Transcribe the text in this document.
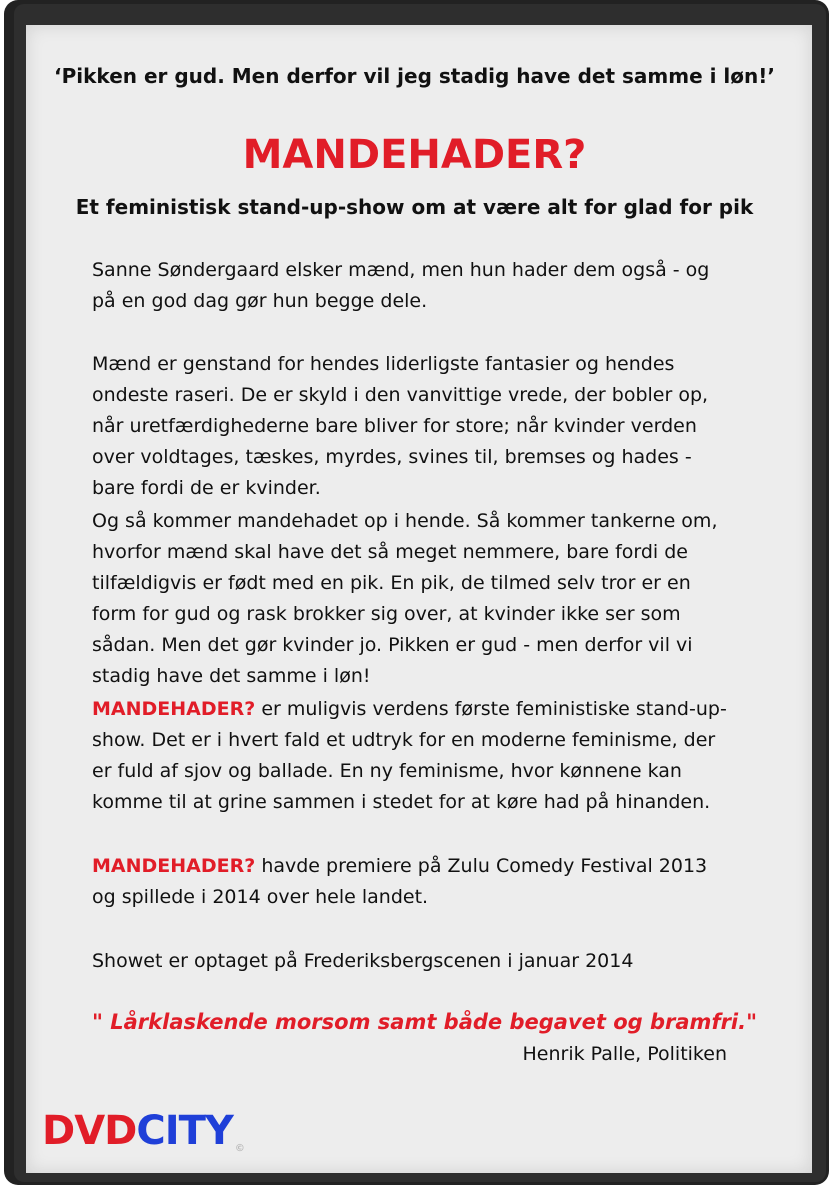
‘Pikken er gud. Men derfor vil jeg stadig have det samme i løn!’
MANDEHADER?
Et feministisk stand-up-show om at være alt for glad for pik
Sanne Søndergaard elsker mænd, men hun hader dem også - og på en god dag gør hun begge dele.
Mænd er genstand for hendes liderligste fantasier og hendes ondeste raseri. De er skyld i den vanvittige vrede, der bobler op, når uretfærdighederne bare bliver for store; når kvinder verden over voldtages, tæskes, myrdes, svines til, bremses og hades - bare fordi de er kvinder.
Og så kommer mandehadet op i hende. Så kommer tankerne om, hvorfor mænd skal have det så meget nemmere, bare fordi de tilfældigvis er født med en pik. En pik, de tilmed selv tror er en form for gud og rask brokker sig over, at kvinder ikke ser som sådan. Men det gør kvinder jo. Pikken er gud - men derfor vil vi stadig have det samme i løn!
MANDEHADER? er muligvis verdens første feministiske stand-up-show. Det er i hvert fald et udtryk for en moderne feminisme, der er fuld af sjov og ballade. En ny feminisme, hvor kønnene kan komme til at grine sammen i stedet for at køre had på hinanden.
MANDEHADER? havde premiere på Zulu Comedy Festival 2013 og spillede i 2014 over hele landet.
Showet er optaget på Frederiksbergscenen i januar 2014
" Lårklaskende morsom samt både begavet og bramfri."
Henrik Palle, Politiken
DVDCITY ©
